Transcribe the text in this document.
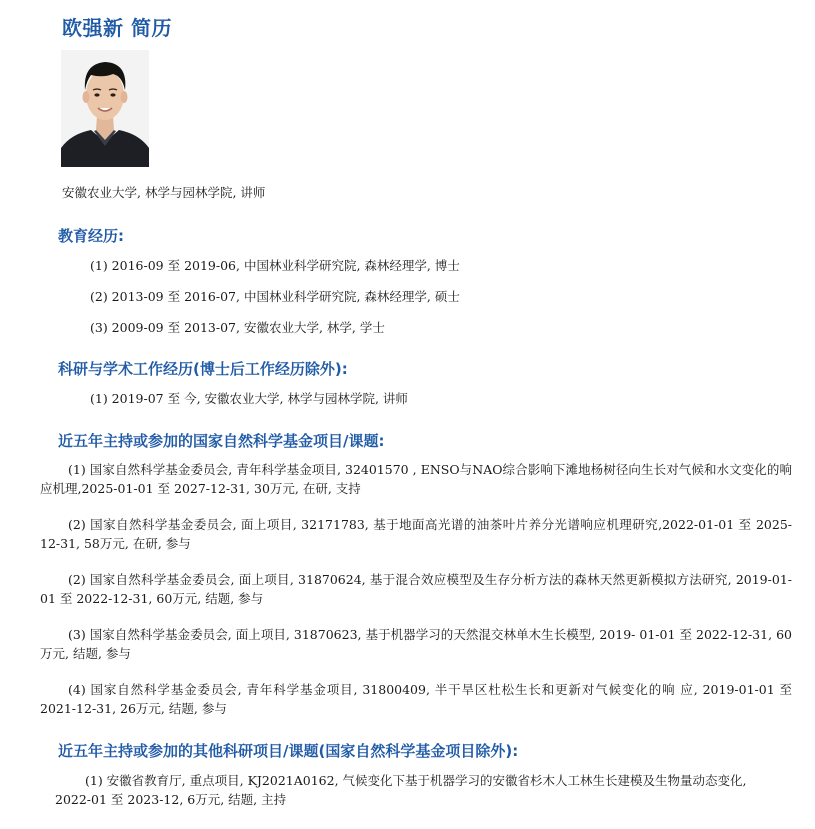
欧强新 简历
安徽农业大学, 林学与园林学院, 讲师
教育经历:
(1) 2016-09 至 2019-06, 中国林业科学研究院, 森林经理学, 博士
(2) 2013-09 至 2016-07, 中国林业科学研究院, 森林经理学, 硕士
(3) 2009-09 至 2013-07, 安徽农业大学, 林学, 学士
科研与学术工作经历(博士后工作经历除外):
(1) 2019-07 至 今, 安徽农业大学, 林学与园林学院, 讲师
近五年主持或参加的国家自然科学基金项目/课题:
(1) 国家自然科学基金委员会, 青年科学基金项目, 32401570 , ENSO与NAO综合影响下滩地杨树径向生长对气候和水文变化的响应机理,2025-01-01 至 2027-12-31, 30万元, 在研, 支持
(2) 国家自然科学基金委员会, 面上项目, 32171783, 基于地面高光谱的油茶叶片养分光谱响应机理研究,2022-01-01 至 2025-12-31, 58万元, 在研, 参与
(2) 国家自然科学基金委员会, 面上项目, 31870624, 基于混合效应模型及生存分析方法的森林天然更新模拟方法研究, 2019-01-01 至 2022-12-31, 60万元, 结题, 参与
(3) 国家自然科学基金委员会, 面上项目, 31870623, 基于机器学习的天然混交林单木生长模型, 2019- 01-01 至 2022-12-31, 60万元, 结题, 参与
(4) 国家自然科学基金委员会, 青年科学基金项目, 31800409, 半干旱区杜松生长和更新对气候变化的响 应, 2019-01-01 至 2021-12-31, 26万元, 结题, 参与
近五年主持或参加的其他科研项目/课题(国家自然科学基金项目除外):
(1) 安徽省教育厅, 重点项目, KJ2021A0162, 气候变化下基于机器学习的安徽省杉木人工林生长建模及生物量动态变化, 2022-01 至 2023-12, 6万元, 结题, 主持
